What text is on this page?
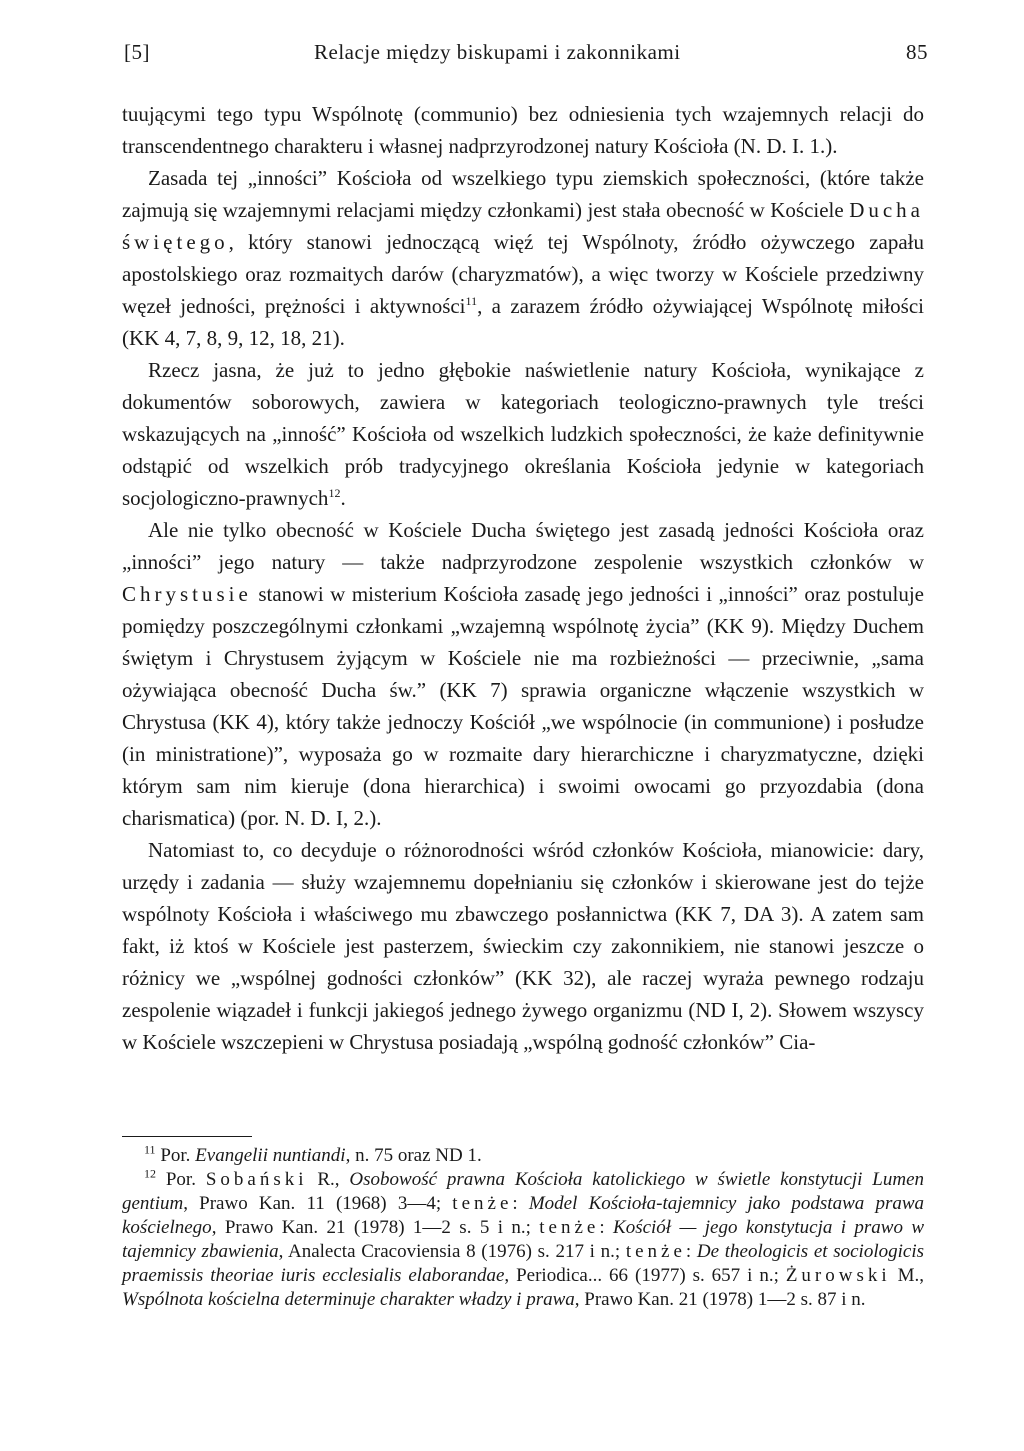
[5]	Relacje między biskupami i zakonnikami	85

tuującymi tego typu Wspólnotę (communio) bez odniesienia tych wzajemnych relacji do transcendentnego charakteru i własnej nadprzyrodzonej natury Kościoła (N. D. I. 1.).

Zasada tej „inności” Kościoła od wszelkiego typu ziemskich społeczności, (które także zajmują się wzajemnymi relacjami między członkami) jest stała obecność w Kościele Ducha świętego, który stanowi jednoczącą więź tej Wspólnoty, źródło ożywczego zapału apostolskiego oraz rozmaitych darów (charyzmatów), a więc tworzy w Kościele przedziwny węzeł jedności, prężności i aktywności$^{11}$, a zarazem źródło ożywiającej Wspólnotę miłości (KK 4, 7, 8, 9, 12, 18, 21).

Rzecz jasna, że już to jedno głębokie naświetlenie natury Kościoła, wynikające z dokumentów soborowych, zawiera w kategoriach teologiczno-prawnych tyle treści wskazujących na „inność” Kościoła od wszelkich ludzkich społeczności, że każe definitywnie odstąpić od wszelkich prób tradycyjnego określania Kościoła jedynie w kategoriach socjologiczno-prawnych$^{12}$.

Ale nie tylko obecność w Kościele Ducha świętego jest zasadą jedności Kościoła oraz „inności” jego natury — także nadprzyrodzone zespolenie wszystkich członków w Chrystusie stanowi w misterium Kościoła zasadę jego jedności i „inności” oraz postuluje pomiędzy poszczególnymi członkami „wzajemną wspólnotę życia” (KK 9). Między Duchem świętym i Chrystusem żyjącym w Kościele nie ma rozbieżności — przeciwnie, „sama ożywiająca obecność Ducha św.” (KK 7) sprawia organiczne włączenie wszystkich w Chrystusa (KK 4), który także jednoczy Kościół „we wspólnocie (in communione) i posłudze (in ministratione)”, wyposaża go w rozmaite dary hierarchiczne i charyzmatyczne, dzięki którym sam nim kieruje (dona hierarchica) i swoimi owocami go przyozdabia (dona charismatica) (por. N. D. I, 2.).

Natomiast to, co decyduje o różnorodności wśród członków Kościoła, mianowicie: dary, urzędy i zadania — służy wzajemnemu dopełnianiu się członków i skierowane jest do tejże wspólnoty Kościoła i właściwego mu zbawczego posłannictwa (KK 7, DA 3). A zatem sam fakt, iż ktoś w Kościele jest pasterzem, świeckim czy zakonnikiem, nie stanowi jeszcze o różnicy we „wspólnej godności członków” (KK 32), ale raczej wyraża pewnego rodzaju zespolenie wiązadeł i funkcji jakiegoś jednego żywego organizmu (ND I, 2). Słowem wszyscy w Kościele wszczepieni w Chrystusa posiadają „wspólną godność członków” Cia-

$^{11}$ Por. Evangelii nuntiandi, n. 75 oraz ND 1.

$^{12}$ Por. Sobański R., Osobowość prawna Kościoła katolickiego w świetle konstytucji Lumen gentium, Prawo Kan. 11 (1968) 3—4; tenże: Model Kościoła-tajemnicy jako podstawa prawa kościelnego, Prawo Kan. 21 (1978) 1—2 s. 5 i n.; tenże: Kościół — jego konstytucja i prawo w tajemnicy zbawienia, Analecta Cracoviensia 8 (1976) s. 217 i n.; tenże: De theologicis et sociologicis praemissis theoriae iuris ecclesialis elaborandae, Periodica... 66 (1977) s. 657 i n.; Żurowski M., Wspólnota kościelna determinuje charakter władzy i prawa, Prawo Kan. 21 (1978) 1—2 s. 87 i n.
